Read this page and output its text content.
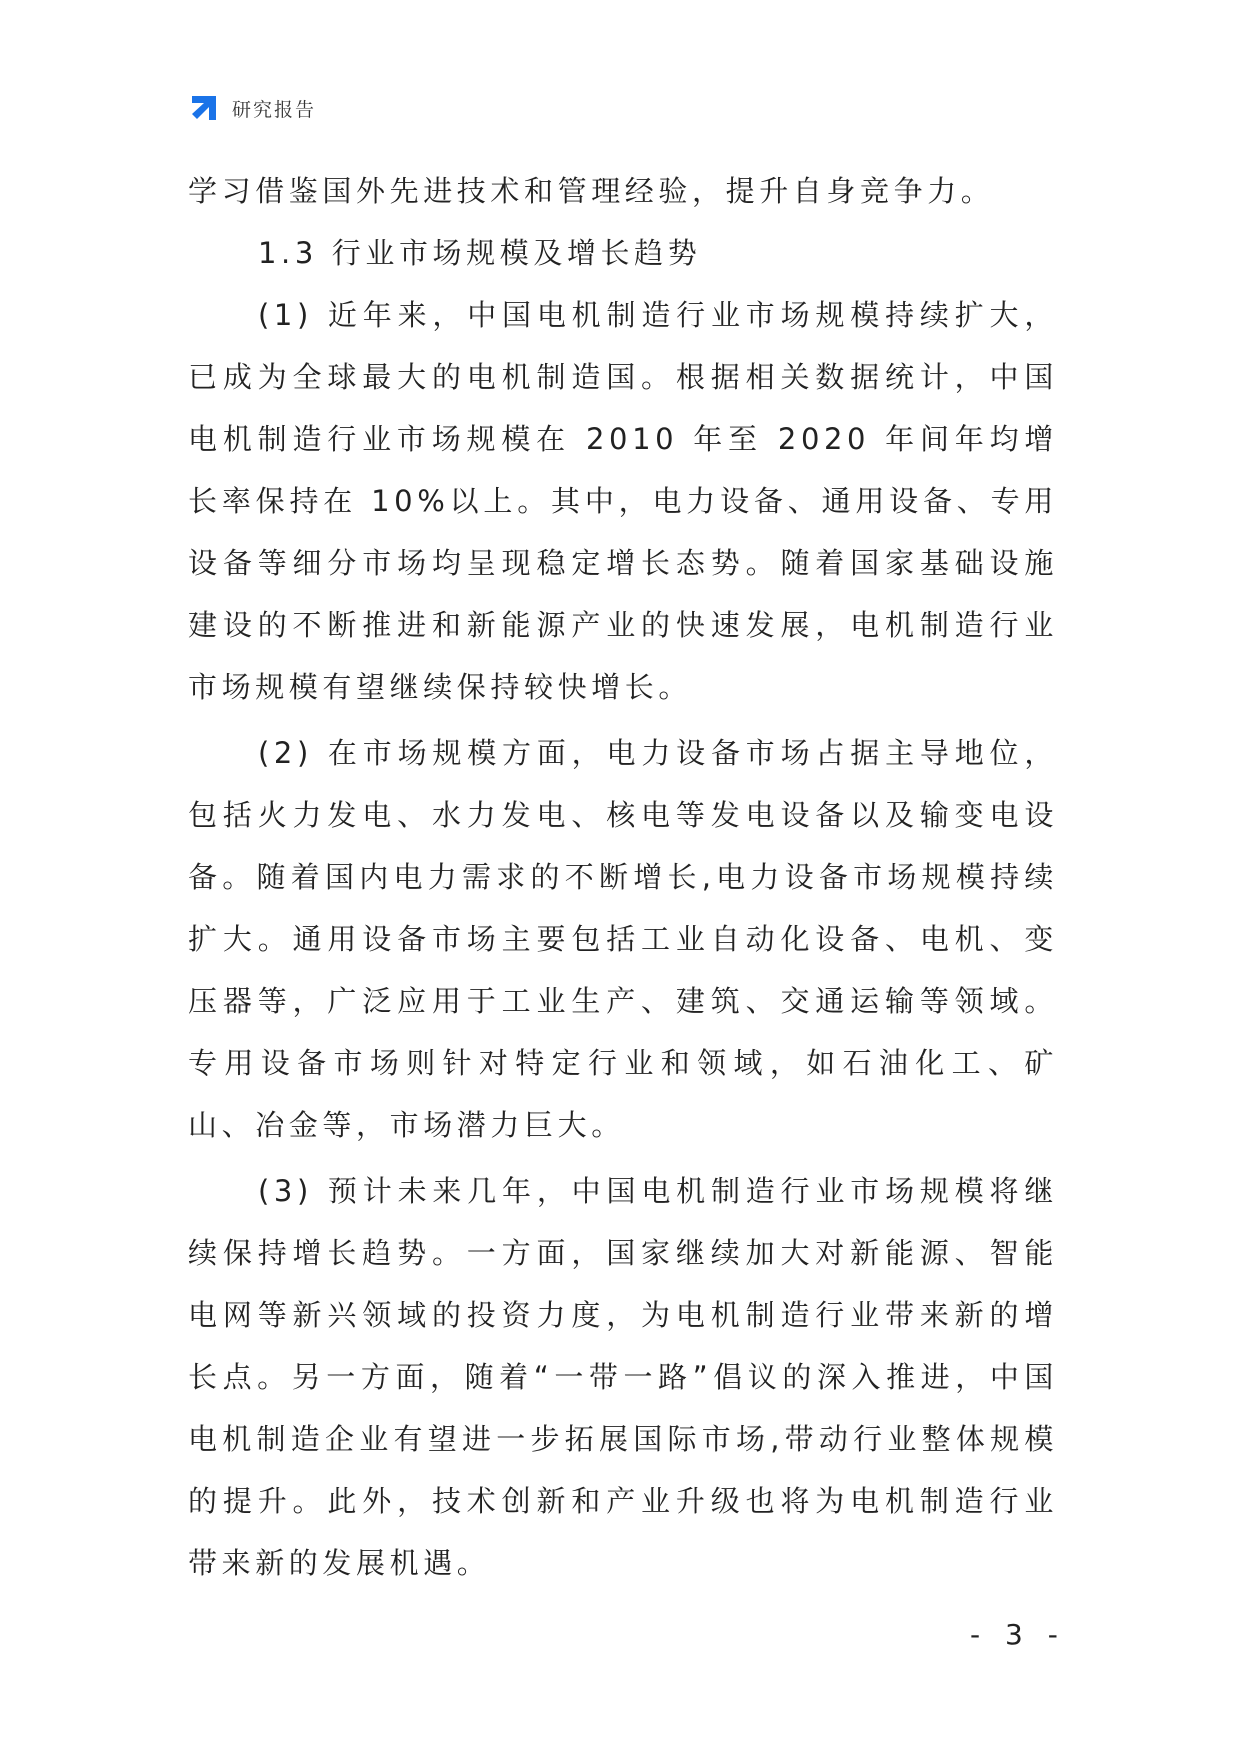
研究报告

学习借鉴国外先进技术和管理经验，提升自身竞争力。

1.3 行业市场规模及增长趋势

(1) 近年来，中国电机制造行业市场规模持续扩大，已成为全球最大的电机制造国。根据相关数据统计，中国电机制造行业市场规模在 2010 年至 2020 年间年均增长率保持在 10%以上。其中，电力设备、通用设备、专用设备等细分市场均呈现稳定增长态势。随着国家基础设施建设的不断推进和新能源产业的快速发展，电机制造行业市场规模有望继续保持较快增长。

(2) 在市场规模方面，电力设备市场占据主导地位，包括火力发电、水力发电、核电等发电设备以及输变电设备。随着国内电力需求的不断增长,电力设备市场规模持续扩大。通用设备市场主要包括工业自动化设备、电机、变压器等，广泛应用于工业生产、建筑、交通运输等领域。专用设备市场则针对特定行业和领域，如石油化工、矿山、冶金等，市场潜力巨大。

(3) 预计未来几年，中国电机制造行业市场规模将继续保持增长趋势。一方面，国家继续加大对新能源、智能电网等新兴领域的投资力度，为电机制造行业带来新的增长点。另一方面，随着“一带一路”倡议的深入推进，中国电机制造企业有望进一步拓展国际市场,带动行业整体规模的提升。此外，技术创新和产业升级也将为电机制造行业带来新的发展机遇。

- 3 -
